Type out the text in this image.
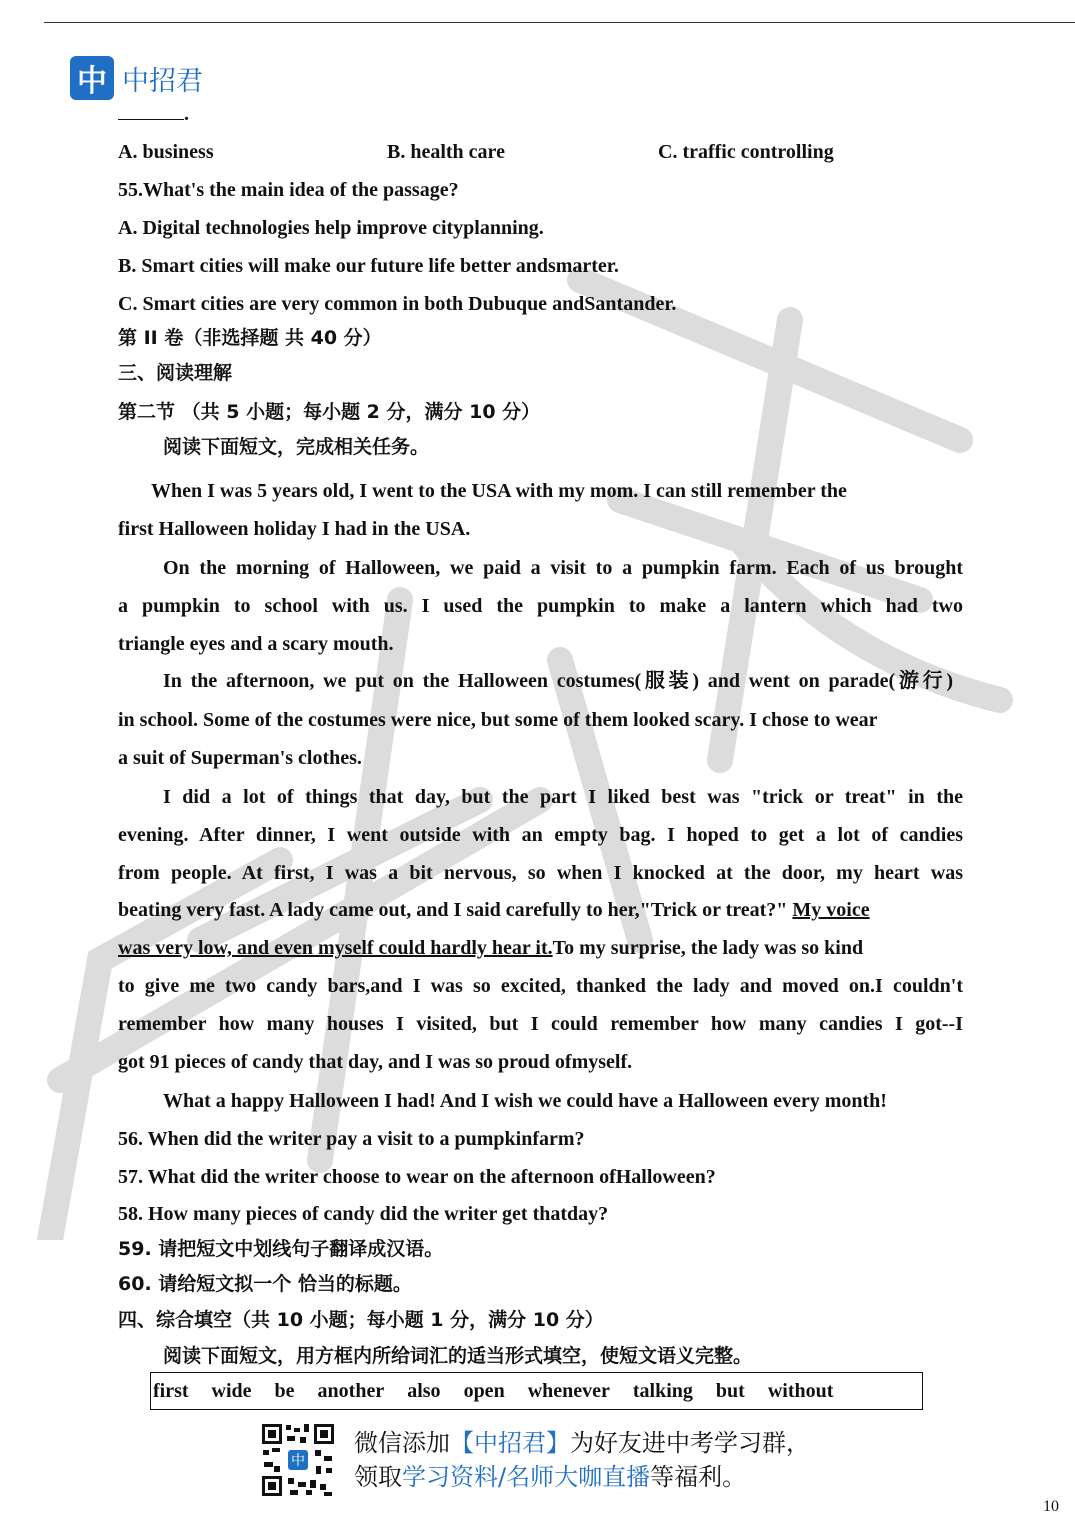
中 中招君
.
A. business	B. health care	C. traffic controlling
55.What's the main idea of the passage?
A. Digital technologies help improve cityplanning.
B. Smart cities will make our future life better andsmarter.
C. Smart cities are very common in both Dubuque andSantander.
第 II 卷（非选择题 共 40 分）
三、阅读理解
第二节 （共 5 小题；每小题 2 分，满分 10 分）
阅读下面短文，完成相关任务。
When I was 5 years old, I went to the USA with my mom. I can still remember the
first Halloween holiday I had in the USA.
On the morning of Halloween, we paid a visit to a pumpkin farm. Each of us brought
a pumpkin to school with us. I used the pumpkin to make a lantern which had two
triangle eyes and a scary mouth.
In the afternoon, we put on the Halloween costumes(服装) and went on parade(游行)
in school. Some of the costumes were nice, but some of them looked scary. I chose to wear
a suit of Superman's clothes.
I did a lot of things that day, but the part I liked best was "trick or treat" in the
evening. After dinner, I went outside with an empty bag. I hoped to get a lot of candies
from people. At first, I was a bit nervous, so when I knocked at the door, my heart was
beating very fast. A lady came out, and I said carefully to her,"Trick or treat?" My voice
was very low, and even myself could hardly hear it.To my surprise, the lady was so kind
to give me two candy bars,and I was so excited, thanked the lady and moved on.I couldn't
remember how many houses I visited, but I could remember how many candies I got--I
got 91 pieces of candy that day, and I was so proud ofmyself.
What a happy Halloween I had! And I wish we could have a Halloween every month!
56. When did the writer pay a visit to a pumpkinfarm?
57. What did the writer choose to wear on the afternoon ofHalloween?
58. How many pieces of candy did the writer get thatday?
59. 请把短文中划线句子翻译成汉语。
60. 请给短文拟一个 恰当的标题。
四、综合填空（共 10 小题；每小题 1 分，满分 10 分）
阅读下面短文，用方框内所给词汇的适当形式填空，使短文语义完整。
first wide be another also open whenever talking but without
中
微信添加【中招君】为好友进中考学习群，
领取学习资料/名师大咖直播等福利。
10
